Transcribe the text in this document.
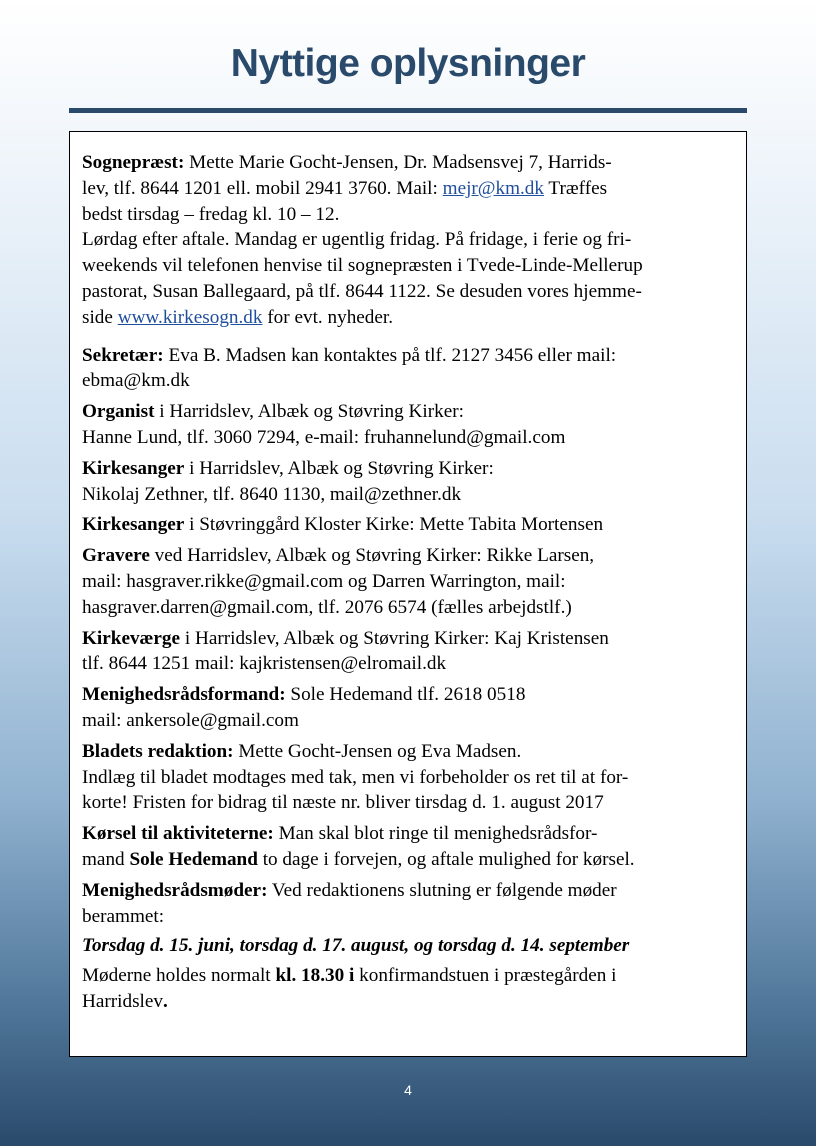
Nyttige oplysninger
Sognepræst: Mette Marie Gocht-Jensen, Dr. Madsensvej 7, Harrids-
lev, tlf. 8644 1201 ell. mobil 2941 3760. Mail: mejr@km.dk Træffes
bedst tirsdag – fredag kl. 10 – 12.
Lørdag efter aftale. Mandag er ugentlig fridag. På fridage, i ferie og fri-
weekends vil telefonen henvise til sognepræsten i Tvede-Linde-Mellerup
pastorat, Susan Ballegaard, på tlf. 8644 1122. Se desuden vores hjemme-
side www.kirkesogn.dk for evt. nyheder.
Sekretær: Eva B. Madsen kan kontaktes på tlf. 2127 3456 eller mail:
ebma@km.dk
Organist i Harridslev, Albæk og Støvring Kirker:
Hanne Lund, tlf. 3060 7294, e-mail: fruhannelund@gmail.com
Kirkesanger i Harridslev, Albæk og Støvring Kirker:
Nikolaj Zethner, tlf. 8640 1130, mail@zethner.dk
Kirkesanger i Støvringgård Kloster Kirke: Mette Tabita Mortensen
Gravere ved Harridslev, Albæk og Støvring Kirker: Rikke Larsen,
mail: hasgraver.rikke@gmail.com og Darren Warrington, mail:
hasgraver.darren@gmail.com, tlf. 2076 6574 (fælles arbejdstlf.)
Kirkeværge i Harridslev, Albæk og Støvring Kirker: Kaj Kristensen
tlf. 8644 1251 mail: kajkristensen@elromail.dk
Menighedsrådsformand: Sole Hedemand tlf. 2618 0518
mail: ankersole@gmail.com
Bladets redaktion: Mette Gocht-Jensen og Eva Madsen.
Indlæg til bladet modtages med tak, men vi forbeholder os ret til at for-
korte! Fristen for bidrag til næste nr. bliver tirsdag d. 1. august 2017
Kørsel til aktiviteterne: Man skal blot ringe til menighedsrådsfor-
mand Sole Hedemand to dage i forvejen, og aftale mulighed for kørsel.
Menighedsrådsmøder: Ved redaktionens slutning er følgende møder
berammet:
Torsdag d. 15. juni, torsdag d. 17. august, og torsdag d. 14. september
Møderne holdes normalt kl. 18.30 i konfirmandstuen i præstegården i
Harridslev.
4
